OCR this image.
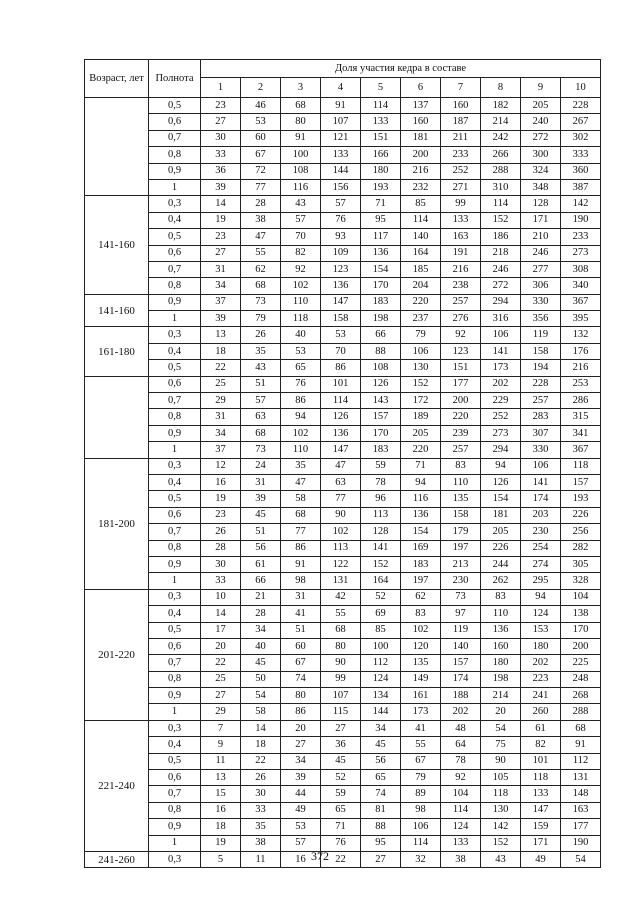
Возраст, лет	Полнота	Доля участия кедра в составе									
		1	2	3	4	5	6	7	8	9	10
	0,5	23	46	68	91	114	137	160	182	205	228
	0,6	27	53	80	107	133	160	187	214	240	267
	0,7	30	60	91	121	151	181	211	242	272	302
	0,8	33	67	100	133	166	200	233	266	300	333
	0,9	36	72	108	144	180	216	252	288	324	360
	1	39	77	116	156	193	232	271	310	348	387
141-160	0,3	14	28	43	57	71	85	99	114	128	142
	0,4	19	38	57	76	95	114	133	152	171	190
	0,5	23	47	70	93	117	140	163	186	210	233
	0,6	27	55	82	109	136	164	191	218	246	273
	0,7	31	62	92	123	154	185	216	246	277	308
	0,8	34	68	102	136	170	204	238	272	306	340
141-160	0,9	37	73	110	147	183	220	257	294	330	367
	1	39	79	118	158	198	237	276	316	356	395
161-180	0,3	13	26	40	53	66	79	92	106	119	132
	0,4	18	35	53	70	88	106	123	141	158	176
	0,5	22	43	65	86	108	130	151	173	194	216
	0,6	25	51	76	101	126	152	177	202	228	253
	0,7	29	57	86	114	143	172	200	229	257	286
	0,8	31	63	94	126	157	189	220	252	283	315
	0,9	34	68	102	136	170	205	239	273	307	341
	1	37	73	110	147	183	220	257	294	330	367
181-200	0,3	12	24	35	47	59	71	83	94	106	118
	0,4	16	31	47	63	78	94	110	126	141	157
	0,5	19	39	58	77	96	116	135	154	174	193
	0,6	23	45	68	90	113	136	158	181	203	226
	0,7	26	51	77	102	128	154	179	205	230	256
	0,8	28	56	86	113	141	169	197	226	254	282
	0,9	30	61	91	122	152	183	213	244	274	305
	1	33	66	98	131	164	197	230	262	295	328
201-220	0,3	10	21	31	42	52	62	73	83	94	104
	0,4	14	28	41	55	69	83	97	110	124	138
	0,5	17	34	51	68	85	102	119	136	153	170
	0,6	20	40	60	80	100	120	140	160	180	200
	0,7	22	45	67	90	112	135	157	180	202	225
	0,8	25	50	74	99	124	149	174	198	223	248
	0,9	27	54	80	107	134	161	188	214	241	268
	1	29	58	86	115	144	173	202	20	260	288
221-240	0,3	7	14	20	27	34	41	48	54	61	68
	0,4	9	18	27	36	45	55	64	75	82	91
	0,5	11	22	34	45	56	67	78	90	101	112
	0,6	13	26	39	52	65	79	92	105	118	131
	0,7	15	30	44	59	74	89	104	118	133	148
	0,8	16	33	49	65	81	98	114	130	147	163
	0,9	18	35	53	71	88	106	124	142	159	177
	1	19	38	57	76	95	114	133	152	171	190
241-260	0,3	5	11	16	22	27	32	38	43	49	54
372
